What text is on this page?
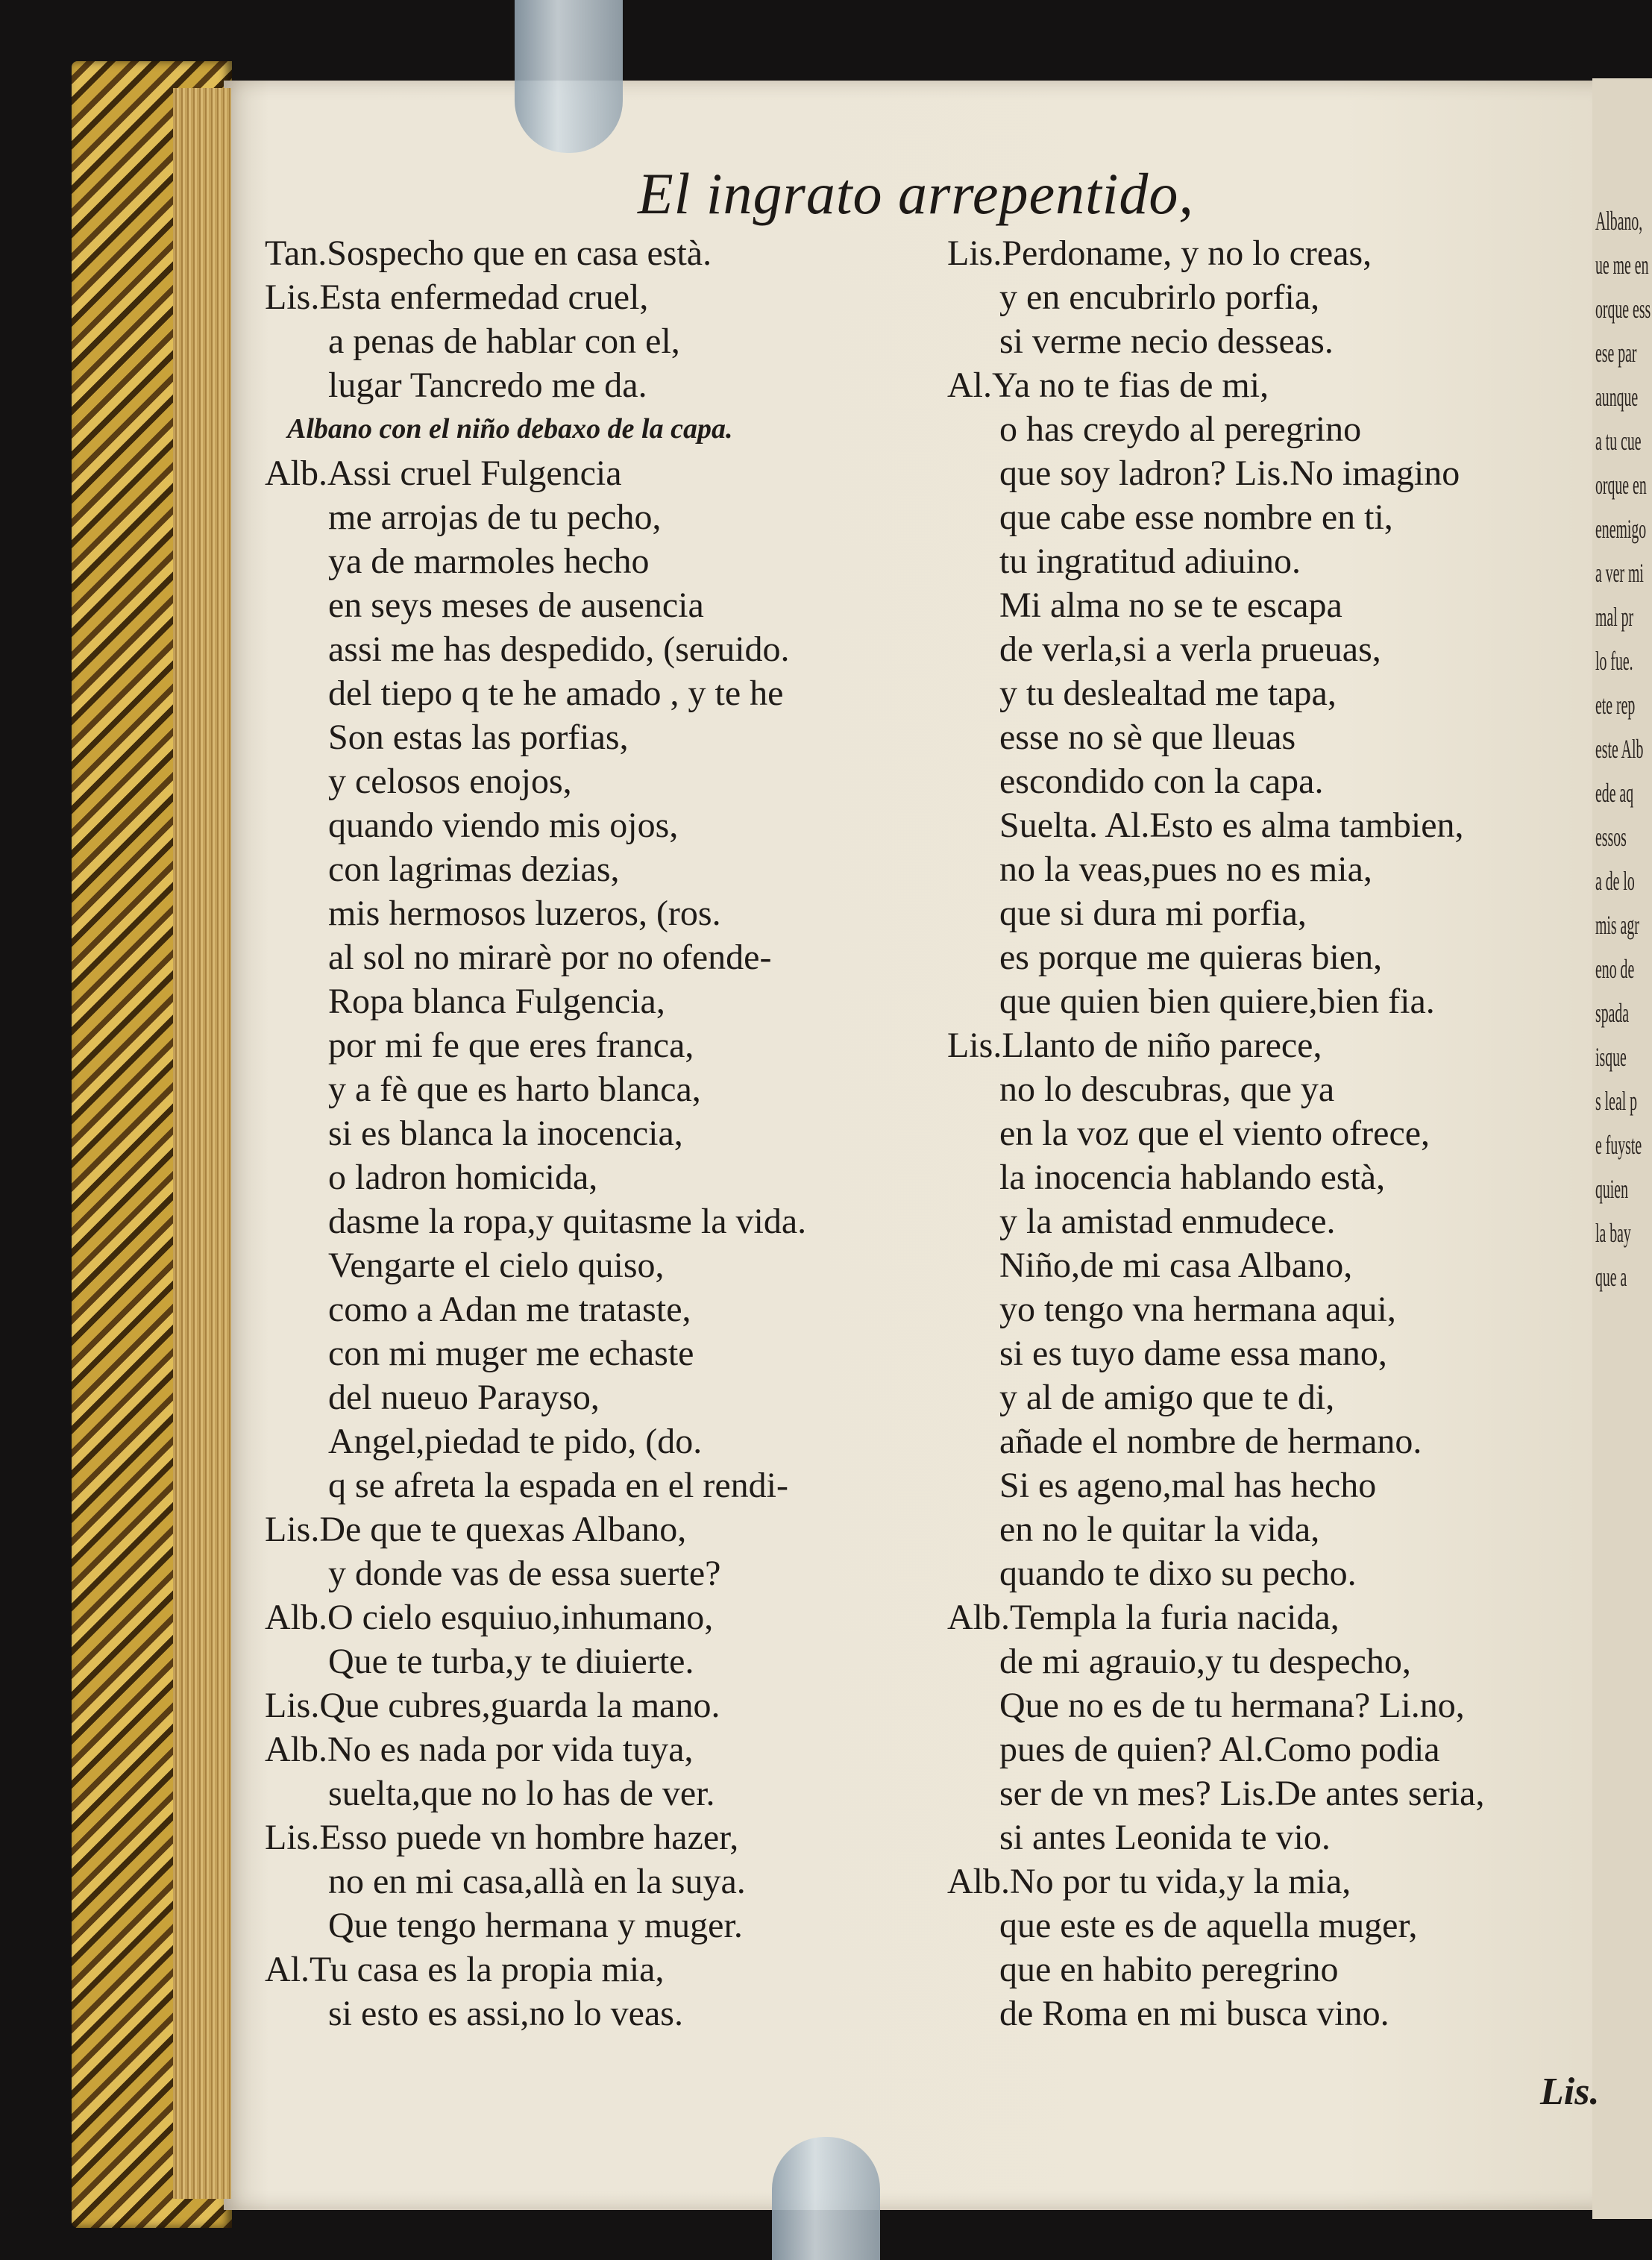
Albano,
ue me en
orque ess
ese par
aunque
a tu cue
orque en
enemigo
a ver mi
mal pr
lo fue.
ete rep
este Alb
ede aq
essos
a de lo
mis agr
eno de
spada
isque
s leal p
e fuyste
quien
la bay
que a
El ingrato arrepentido,
Tan.Sospecho que en casa està.
Lis.Esta enfermedad cruel,
a penas de hablar con el,
lugar Tancredo me da.
Albano con el niño debaxo de la capa.
Alb.Assi cruel Fulgencia
me arrojas de tu pecho,
ya de marmoles hecho
en seys meses de ausencia
assi me has despedido, (seruido.
del tiepo q te he amado , y te he
Son estas las porfias,
y celosos enojos,
quando viendo mis ojos,
con lagrimas dezias,
mis hermosos luzeros, (ros.
al sol no mirarè por no ofende-
Ropa blanca Fulgencia,
por mi fe que eres franca,
y a fè que es harto blanca,
si es blanca la inocencia,
o ladron homicida,
dasme la ropa,y quitasme la vida.
Vengarte el cielo quiso,
como a Adan me trataste,
con mi muger me echaste
del nueuo Parayso,
Angel,piedad te pido, (do.
q se afreta la espada en el rendi-
Lis.De que te quexas Albano,
y donde vas de essa suerte?
Alb.O cielo esquiuo,inhumano,
Que te turba,y te diuierte.
Lis.Que cubres,guarda la mano.
Alb.No es nada por vida tuya,
suelta,que no lo has de ver.
Lis.Esso puede vn hombre hazer,
no en mi casa,allà en la suya.
Que tengo hermana y muger.
Al.Tu casa es la propia mia,
si esto es assi,no lo veas.
Lis.Perdoname, y no lo creas,
y en encubrirlo porfia,
si verme necio desseas.
Al.Ya no te fias de mi,
o has creydo al peregrino
que soy ladron? Lis.No imagino
que cabe esse nombre en ti,
tu ingratitud adiuino.
Mi alma no se te escapa
de verla,si a verla prueuas,
y tu deslealtad me tapa,
esse no sè que lleuas
escondido con la capa.
Suelta. Al.Esto es alma tambien,
no la veas,pues no es mia,
que si dura mi porfia,
es porque me quieras bien,
que quien bien quiere,bien fia.
Lis.Llanto de niño parece,
no lo descubras, que ya
en la voz que el viento ofrece,
la inocencia hablando està,
y la amistad enmudece.
Niño,de mi casa Albano,
yo tengo vna hermana aqui,
si es tuyo dame essa mano,
y al de amigo que te di,
añade el nombre de hermano.
Si es ageno,mal has hecho
en no le quitar la vida,
quando te dixo su pecho.
Alb.Templa la furia nacida,
de mi agrauio,y tu despecho,
Que no es de tu hermana? Li.no,
pues de quien? Al.Como podia
ser de vn mes? Lis.De antes seria,
si antes Leonida te vio.
Alb.No por tu vida,y la mia,
que este es de aquella muger,
que en habito peregrino
de Roma en mi busca vino.
Lis.
